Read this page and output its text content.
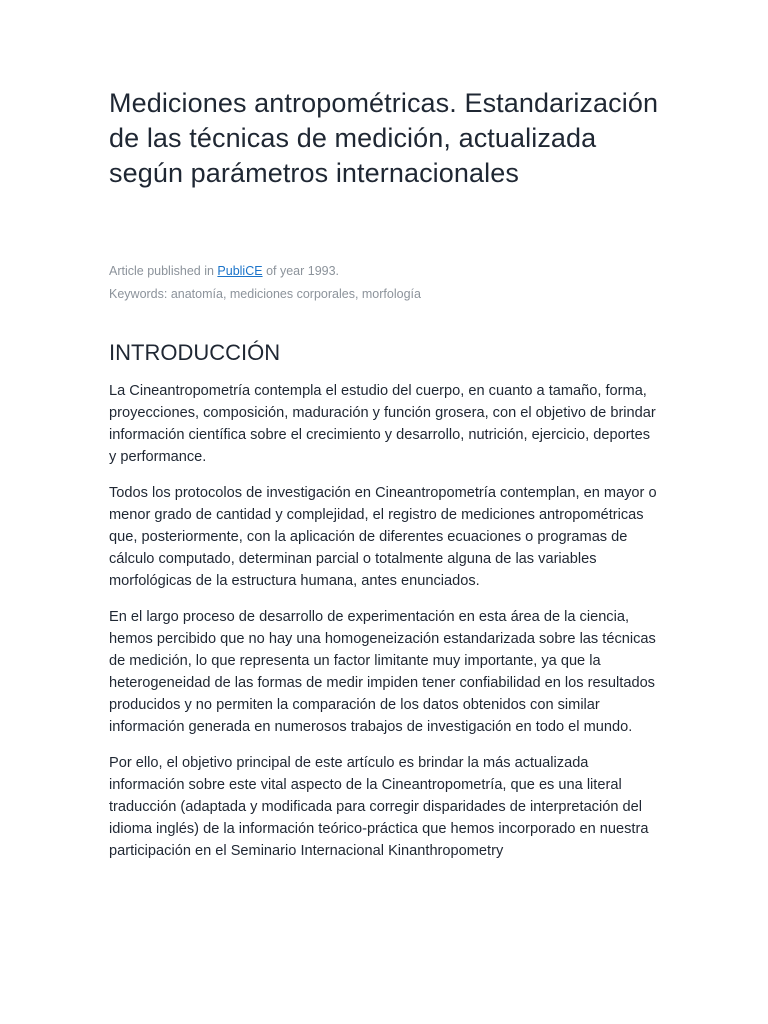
Mediciones antropométricas. Estandarización de las técnicas de medición, actualizada según parámetros internacionales

Article published in PubliCE of year 1993.

Keywords: anatomía, mediciones corporales, morfología

INTRODUCCIÓN

La Cineantropometría contempla el estudio del cuerpo, en cuanto a tamaño, forma, proyecciones, composición, maduración y función grosera, con el objetivo de brindar información científica sobre el crecimiento y desarrollo, nutrición, ejercicio, deportes y performance.

Todos los protocolos de investigación en Cineantropometría contemplan, en mayor o menor grado de cantidad y complejidad, el registro de mediciones antropométricas que, posteriormente, con la aplicación de diferentes ecuaciones o programas de cálculo computado, determinan parcial o totalmente alguna de las variables morfológicas de la estructura humana, antes enunciados.

En el largo proceso de desarrollo de experimentación en esta área de la ciencia, hemos percibido que no hay una homogeneización estandarizada sobre las técnicas de medición, lo que representa un factor limitante muy importante, ya que la heterogeneidad de las formas de medir impiden tener confiabilidad en los resultados producidos y no permiten la comparación de los datos obtenidos con similar información generada en numerosos trabajos de investigación en todo el mundo.

Por ello, el objetivo principal de este artículo es brindar la más actualizada información sobre este vital aspecto de la Cineantropometría, que es una literal traducción (adaptada y modificada para corregir disparidades de interpretación del idioma inglés) de la información teórico-práctica que hemos incorporado en nuestra participación en el Seminario Internacional Kinanthropometry
